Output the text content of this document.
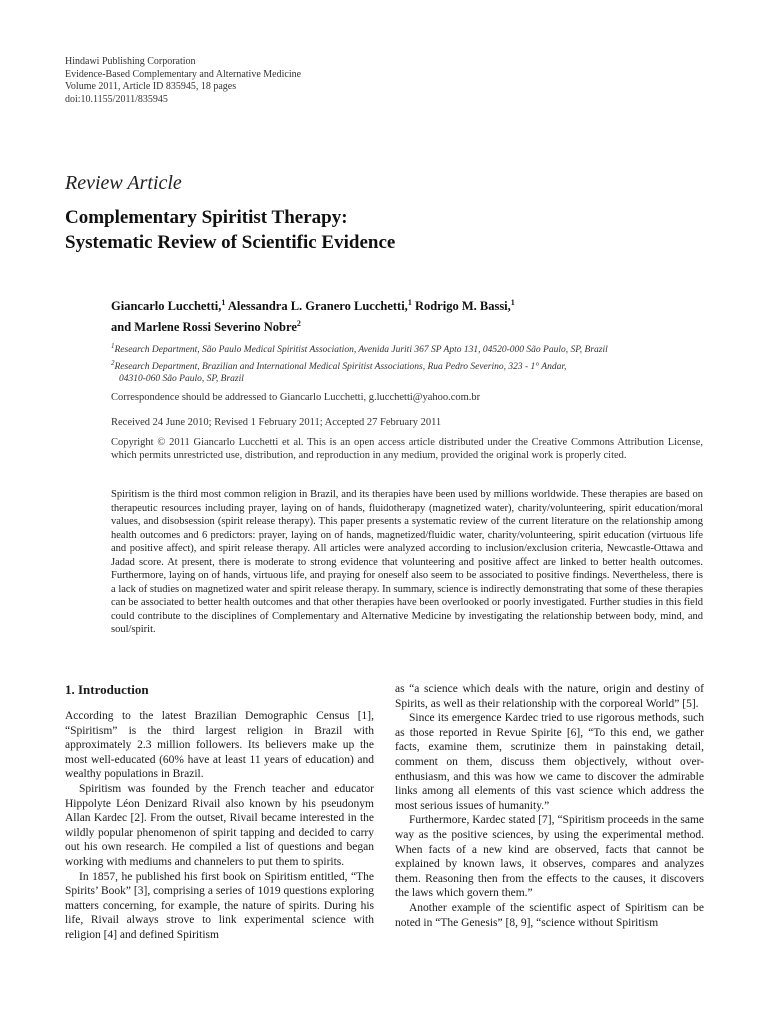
Hindawi Publishing Corporation
Evidence-Based Complementary and Alternative Medicine
Volume 2011, Article ID 835945, 18 pages
doi:10.1155/2011/835945
Review Article
Complementary Spiritist Therapy:
Systematic Review of Scientific Evidence
Giancarlo Lucchetti,$^1$ Alessandra L. Granero Lucchetti,$^1$ Rodrigo M. Bassi,$^1$
and Marlene Rossi Severino Nobre$^2$
$^1$Research Department, São Paulo Medical Spiritist Association, Avenida Juriti 367 SP Apto 131, 04520-000 São Paulo, SP, Brazil
$^2$Research Department, Brazilian and International Medical Spiritist Associations, Rua Pedro Severino, 323 - 1° Andar,
04310-060 São Paulo, SP, Brazil
Correspondence should be addressed to Giancarlo Lucchetti, g.lucchetti@yahoo.com.br
Received 24 June 2010; Revised 1 February 2011; Accepted 27 February 2011
Copyright © 2011 Giancarlo Lucchetti et al. This is an open access article distributed under the Creative Commons Attribution License, which permits unrestricted use, distribution, and reproduction in any medium, provided the original work is properly cited.
Spiritism is the third most common religion in Brazil, and its therapies have been used by millions worldwide. These therapies are based on therapeutic resources including prayer, laying on of hands, fluidotherapy (magnetized water), charity/volunteering, spirit education/moral values, and disobsession (spirit release therapy). This paper presents a systematic review of the current literature on the relationship among health outcomes and 6 predictors: prayer, laying on of hands, magnetized/fluidic water, charity/volunteering, spirit education (virtuous life and positive affect), and spirit release therapy. All articles were analyzed according to inclusion/exclusion criteria, Newcastle-Ottawa and Jadad score. At present, there is moderate to strong evidence that volunteering and positive affect are linked to better health outcomes. Furthermore, laying on of hands, virtuous life, and praying for oneself also seem to be associated to positive findings. Nevertheless, there is a lack of studies on magnetized water and spirit release therapy. In summary, science is indirectly demonstrating that some of these therapies can be associated to better health outcomes and that other therapies have been overlooked or poorly investigated. Further studies in this field could contribute to the disciplines of Complementary and Alternative Medicine by investigating the relationship between body, mind, and soul/spirit.
1. Introduction

According to the latest Brazilian Demographic Census [1], “Spiritism” is the third largest religion in Brazil with approximately 2.3 million followers. Its believers make up the most well-educated (60% have at least 11 years of education) and wealthy populations in Brazil.

Spiritism was founded by the French teacher and educator Hippolyte Léon Denizard Rivail also known by his pseudonym Allan Kardec [2]. From the outset, Rivail became interested in the wildly popular phenomenon of spirit tapping and decided to carry out his own research. He compiled a list of questions and began working with mediums and channelers to put them to spirits.

In 1857, he published his first book on Spiritism entitled, “The Spirits’ Book” [3], comprising a series of 1019 questions exploring matters concerning, for example, the nature of spirits. During his life, Rivail always strove to link experimental science with religion [4] and defined Spiritism

as “a science which deals with the nature, origin and destiny of Spirits, as well as their relationship with the corporeal World” [5].

Since its emergence Kardec tried to use rigorous methods, such as those reported in Revue Spirite [6], “To this end, we gather facts, examine them, scrutinize them in painstaking detail, comment on them, discuss them objectively, without over-enthusiasm, and this was how we came to discover the admirable links among all elements of this vast science which address the most serious issues of humanity.”

Furthermore, Kardec stated [7], “Spiritism proceeds in the same way as the positive sciences, by using the experimental method. When facts of a new kind are observed, facts that cannot be explained by known laws, it observes, compares and analyzes them. Reasoning then from the effects to the causes, it discovers the laws which govern them.”

Another example of the scientific aspect of Spiritism can be noted in “The Genesis” [8, 9], “science without Spiritism
